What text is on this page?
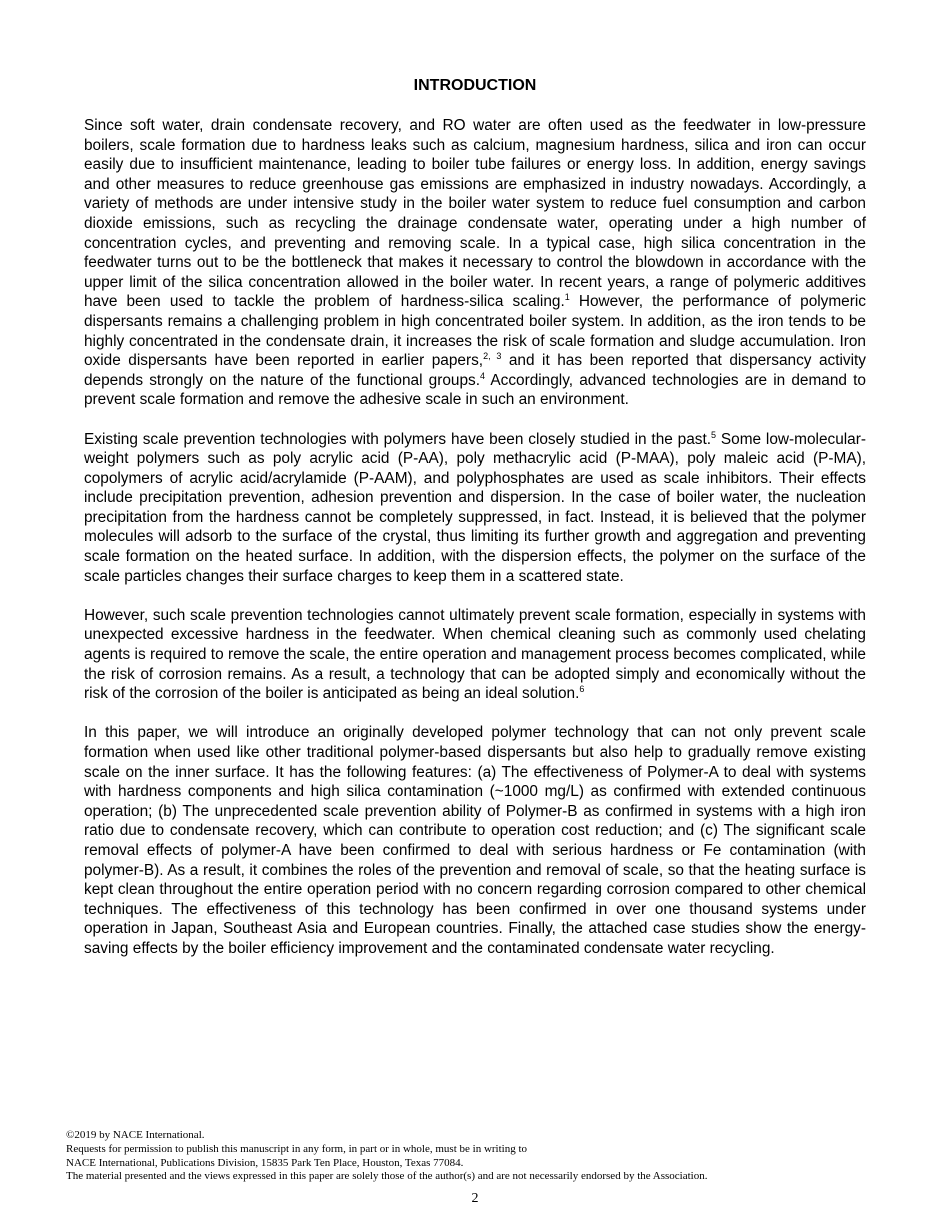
INTRODUCTION

Since soft water, drain condensate recovery, and RO water are often used as the feedwater in low-pressure boilers, scale formation due to hardness leaks such as calcium, magnesium hardness, silica and iron can occur easily due to insufficient maintenance, leading to boiler tube failures or energy loss. In addition, energy savings and other measures to reduce greenhouse gas emissions are emphasized in industry nowadays. Accordingly, a variety of methods are under intensive study in the boiler water system to reduce fuel consumption and carbon dioxide emissions, such as recycling the drainage condensate water, operating under a high number of concentration cycles, and preventing and removing scale. In a typical case, high silica concentration in the feedwater turns out to be the bottleneck that makes it necessary to control the blowdown in accordance with the upper limit of the silica concentration allowed in the boiler water. In recent years, a range of polymeric additives have been used to tackle the problem of hardness-silica scaling.$^1$ However, the performance of polymeric dispersants remains a challenging problem in high concentrated boiler system. In addition, as the iron tends to be highly concentrated in the condensate drain, it increases the risk of scale formation and sludge accumulation. Iron oxide dispersants have been reported in earlier papers,$^{2, 3}$ and it has been reported that dispersancy activity depends strongly on the nature of the functional groups.$^4$ Accordingly, advanced technologies are in demand to prevent scale formation and remove the adhesive scale in such an environment.

Existing scale prevention technologies with polymers have been closely studied in the past.$^5$ Some low-molecular-weight polymers such as poly acrylic acid (P-AA), poly methacrylic acid (P-MAA), poly maleic acid (P-MA), copolymers of acrylic acid/acrylamide (P-AAM), and polyphosphates are used as scale inhibitors. Their effects include precipitation prevention, adhesion prevention and dispersion. In the case of boiler water, the nucleation precipitation from the hardness cannot be completely suppressed, in fact. Instead, it is believed that the polymer molecules will adsorb to the surface of the crystal, thus limiting its further growth and aggregation and preventing scale formation on the heated surface. In addition, with the dispersion effects, the polymer on the surface of the scale particles changes their surface charges to keep them in a scattered state.

However, such scale prevention technologies cannot ultimately prevent scale formation, especially in systems with unexpected excessive hardness in the feedwater. When chemical cleaning such as commonly used chelating agents is required to remove the scale, the entire operation and management process becomes complicated, while the risk of corrosion remains. As a result, a technology that can be adopted simply and economically without the risk of the corrosion of the boiler is anticipated as being an ideal solution.$^6$

In this paper, we will introduce an originally developed polymer technology that can not only prevent scale formation when used like other traditional polymer-based dispersants but also help to gradually remove existing scale on the inner surface. It has the following features: (a) The effectiveness of Polymer-A to deal with systems with hardness components and high silica contamination (~1000 mg/L) as confirmed with extended continuous operation; (b) The unprecedented scale prevention ability of Polymer-B as confirmed in systems with a high iron ratio due to condensate recovery, which can contribute to operation cost reduction; and (c) The significant scale removal effects of polymer-A have been confirmed to deal with serious hardness or Fe contamination (with polymer-B). As a result, it combines the roles of the prevention and removal of scale, so that the heating surface is kept clean throughout the entire operation period with no concern regarding corrosion compared to other chemical techniques. The effectiveness of this technology has been confirmed in over one thousand systems under operation in Japan, Southeast Asia and European countries. Finally, the attached case studies show the energy-saving effects by the boiler efficiency improvement and the contaminated condensate water recycling.

©2019 by NACE International.
Requests for permission to publish this manuscript in any form, in part or in whole, must be in writing to
NACE International, Publications Division, 15835 Park Ten Place, Houston, Texas 77084.
The material presented and the views expressed in this paper are solely those of the author(s) and are not necessarily endorsed by the Association.
2
